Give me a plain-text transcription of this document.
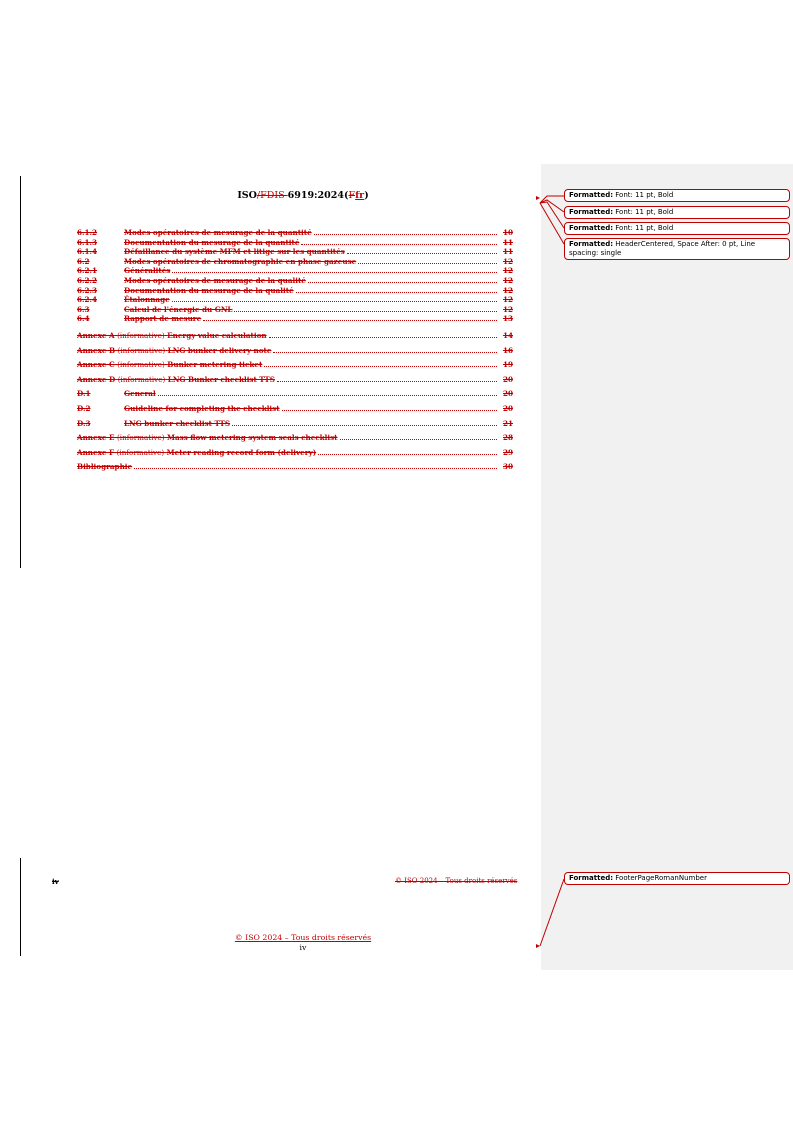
ISO/FDIS 6919:2024(Ffr)
6.1.2	Modes opératoires de mesurage de la quantité	10
6.1.3	Documentation du mesurage de la quantité	11
6.1.4	Défaillance du système MFM et litige sur les quantités	11
6.2	Modes opératoires de chromatographie en phase gazeuse	12
6.2.1	Généralités	12
6.2.2	Modes opératoires de mesurage de la qualité	12
6.2.3	Documentation du mesurage de la qualité	12
6.2.4	Étalonnage	12
6.3	Calcul de l'énergie du GNL	12
6.4	Rapport de mesure	13
Annexe A (informative) Energy value calculation	14
Annexe B (informative) LNG bunker delivery note	16
Annexe C (informative) Bunker metering ticket	19
Annexe D (informative) LNG Bunker checklist TTS	20
D.1	General	20
D.2	Guideline for completing the checklist	20
D.3	LNG bunker checklist TTS	21
Annexe E (informative) Mass flow metering system seals checklist	28
Annexe F (informative) Meter reading record form (delivery)	29
Bibliographie	30
Formatted: Font: 11 pt, Bold
Formatted: Font: 11 pt, Bold
Formatted: Font: 11 pt, Bold
Formatted: HeaderCentered, Space After: 0 pt, Line spacing: single
Formatted: FooterPageRomanNumber
iv	© ISO 2024 – Tous droits réservés
© ISO 2024 – Tous droits réservés
iv
